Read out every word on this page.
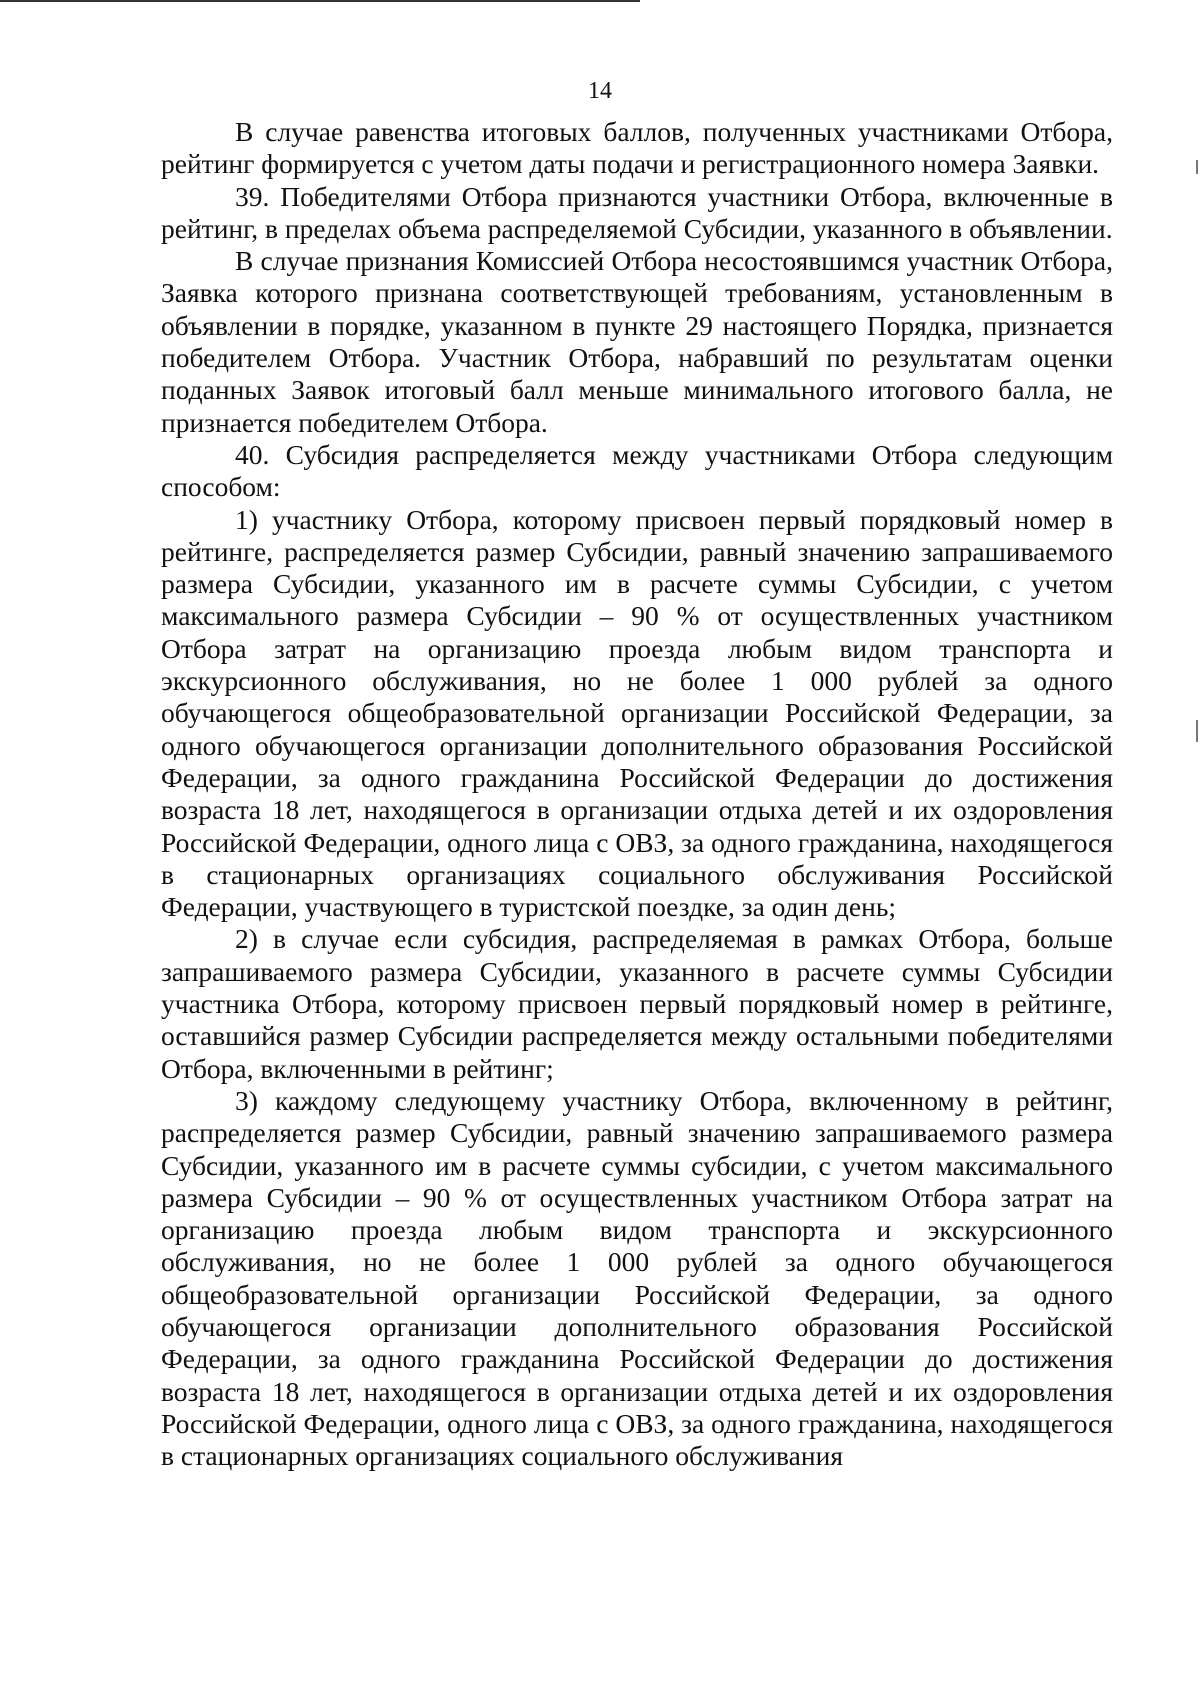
14

В случае равенства итоговых баллов, полученных участниками Отбора, рейтинг формируется с учетом даты подачи и регистрационного номера Заявки.

39. Победителями Отбора признаются участники Отбора, включенные в рейтинг, в пределах объема распределяемой Субсидии, указанного в объявлении.

В случае признания Комиссией Отбора несостоявшимся участник Отбора, Заявка которого признана соответствующей требованиям, установленным в объявлении в порядке, указанном в пункте 29 настоящего Порядка, признается победителем Отбора. Участник Отбора, набравший по результатам оценки поданных Заявок итоговый балл меньше минимального итогового балла, не признается победителем Отбора.

40. Субсидия распределяется между участниками Отбора следующим способом:

1) участнику Отбора, которому присвоен первый порядковый номер в рейтинге, распределяется размер Субсидии, равный значению запрашиваемого размера Субсидии, указанного им в расчете суммы Субсидии, с учетом максимального размера Субсидии – 90 % от осуществленных участником Отбора затрат на организацию проезда любым видом транспорта и экскурсионного обслуживания, но не более 1 000 рублей за одного обучающегося общеобразовательной организации Российской Федерации, за одного обучающегося организации дополнительного образования Российской Федерации, за одного гражданина Российской Федерации до достижения возраста 18 лет, находящегося в организации отдыха детей и их оздоровления Российской Федерации, одного лица с ОВЗ, за одного гражданина, находящегося в стационарных организациях социального обслуживания Российской Федерации, участвующего в туристской поездке, за один день;

2) в случае если субсидия, распределяемая в рамках Отбора, больше запрашиваемого размера Субсидии, указанного в расчете суммы Субсидии участника Отбора, которому присвоен первый порядковый номер в рейтинге, оставшийся размер Субсидии распределяется между остальными победителями Отбора, включенными в рейтинг;

3) каждому следующему участнику Отбора, включенному в рейтинг, распределяется размер Субсидии, равный значению запрашиваемого размера Субсидии, указанного им в расчете суммы субсидии, с учетом максимального размера Субсидии – 90 % от осуществленных участником Отбора затрат на организацию проезда любым видом транспорта и экскурсионного обслуживания, но не более 1 000 рублей за одного обучающегося общеобразовательной организации Российской Федерации, за одного обучающегося организации дополнительного образования Российской Федерации, за одного гражданина Российской Федерации до достижения возраста 18 лет, находящегося в организации отдыха детей и их оздоровления Российской Федерации, одного лица с ОВЗ, за одного гражданина, находящегося в стационарных организациях социального обслуживания
